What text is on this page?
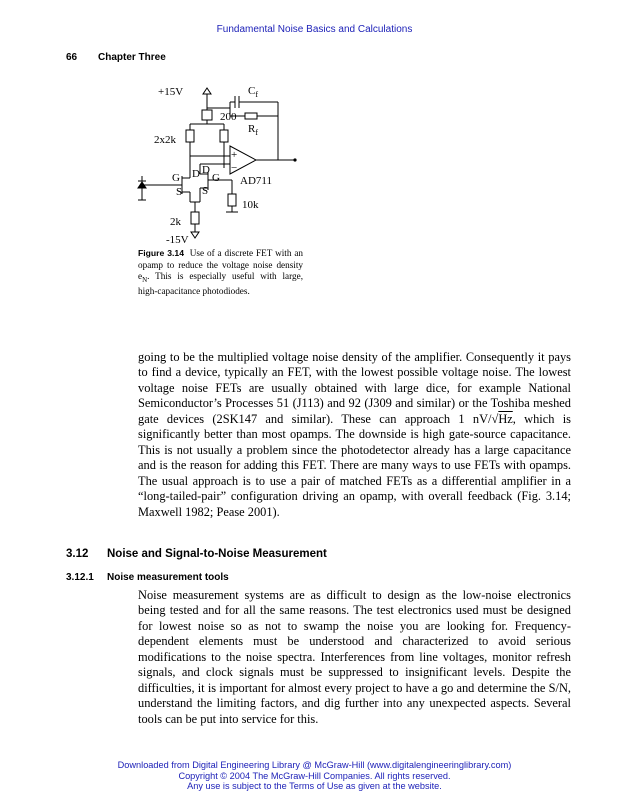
Fundamental Noise Basics and Calculations
66 Chapter Three
+15V	$C_f$
200
$R_f$
2x2k
+
−
AD711
10k
2k
-15V
G D
S
G
D
S
Figure 3.14 Use of a discrete FET with an opamp to reduce the voltage noise density $e_N$. This is especially useful with large, high-capacitance photodiodes.
going to be the multiplied voltage noise density of the amplifier. Consequently it pays to find a device, typically an FET, with the lowest possible voltage noise. The lowest voltage noise FETs are usually obtained with large dice, for example National Semiconductor’s Processes 51 (J113) and 92 (J309 and similar) or the Toshiba meshed gate devices (2SK147 and similar). These can approach 1 nV/√Hz, which is significantly better than most opamps. The downside is high gate-source capacitance. This is not usually a problem since the photodetector already has a large capacitance and is the reason for adding this FET. There are many ways to use FETs with opamps. The usual approach is to use a pair of matched FETs as a differential amplifier in a “long-tailed-pair” configuration driving an opamp, with overall feedback (Fig. 3.14; Maxwell 1982; Pease 2001).
3.12 Noise and Signal-to-Noise Measurement
3.12.1 Noise measurement tools
Noise measurement systems are as difficult to design as the low-noise electronics being tested and for all the same reasons. The test electronics used must be designed for lowest noise so as not to swamp the noise you are looking for. Frequency-dependent elements must be understood and characterized to avoid serious modifications to the noise spectra. Interferences from line voltages, monitor refresh signals, and clock signals must be suppressed to insignificant levels. Despite the difficulties, it is important for almost every project to have a go and determine the S/N, understand the limiting factors, and dig further into any unexpected aspects. Several tools can be put into service for this.
Downloaded from Digital Engineering Library @ McGraw-Hill (www.digitalengineeringlibrary.com)
Copyright © 2004 The McGraw-Hill Companies. All rights reserved.
Any use is subject to the Terms of Use as given at the website.
